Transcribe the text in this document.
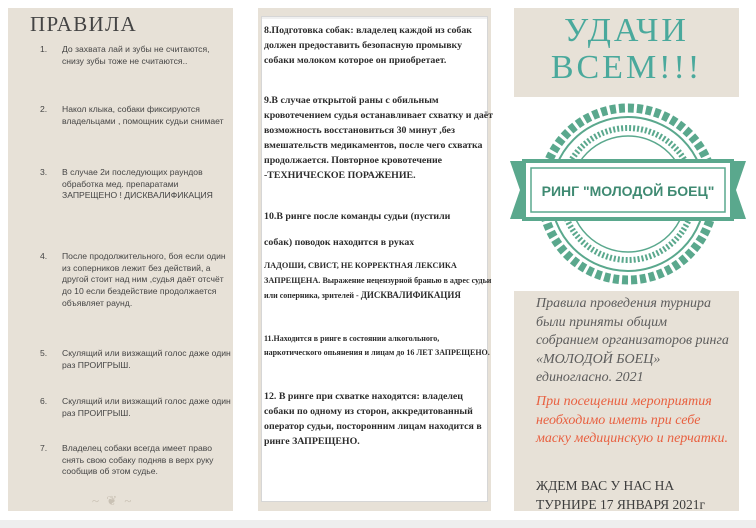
ПРАВИЛА
1. До захвата лай и зубы не считаются, снизу зубы тоже не считаются..
2. Накол клыка, собаки фиксируются владельцами , помощник судьи снимает
3. В случае 2и последующих раундов обработка мед. препаратами ЗАПРЕЩЕНО ! ДИСКВАЛИФИКАЦИЯ
4. После продолжительного, боя если один из соперников лежит без действий, а другой стоит над ним ,судья даёт отсчёт до 10 если бездействие продолжается объявляет раунд.
5. Скулящий или визжащий голос даже один раз ПРОИГРЫШ.
6. Скулящий или визжащий голос даже один раз ПРОИГРЫШ.
7. Владелец собаки всегда имеет право снять свою собаку подняв в верх руку сообщив об этом судье.
~ ❦ ~

8.Подготовка собак: владелец каждой из собак должен предоставить безопасную промывку собаки молоком которое он приобретает.

9.В случае открытой раны с обильным кровотечением судья останавливает схватку и даёт возможность восстановиться 30 минут ,без вмешательств медикаментов, после чего схватка продолжается. Повторное кровотечение -ТЕХНИЧЕСКОЕ ПОРАЖЕНИЕ.

10.В ринге после команды судьи (пустили

собак) поводок находится в руках

ЛАДОШИ, СВИСТ, НЕ КОРРЕКТНАЯ ЛЕКСИКА ЗАПРЕЩЕНА. Выражение нецензурной бранью в адрес судьи или соперника, зрителей - ДИСКВАЛИФИКАЦИЯ

11.Находится в ринге в состоянии алкогольного, наркотического опьянения и лицам до 16 ЛЕТ ЗАПРЕЩЕНО.

12. В ринге при схватке находятся: владелец собаки по одному из сторон, аккредитованный оператор судьи, посторонним лицам находится в ринге ЗАПРЕЩЕНО.

УДАЧИ
ВСЕМ!!!
РИНГ "МОЛОДОЙ БОЕЦ"
Правила проведения турнира были приняты общим собранием организаторов ринга «МОЛОДОЙ БОЕЦ» единогласно. 2021
При посещении мероприятия необходимо иметь при себе маску медицинскую и перчатки.
ЖДЕМ ВАС У НАС НА ТУРНИРЕ 17 ЯНВАРЯ 2021г
